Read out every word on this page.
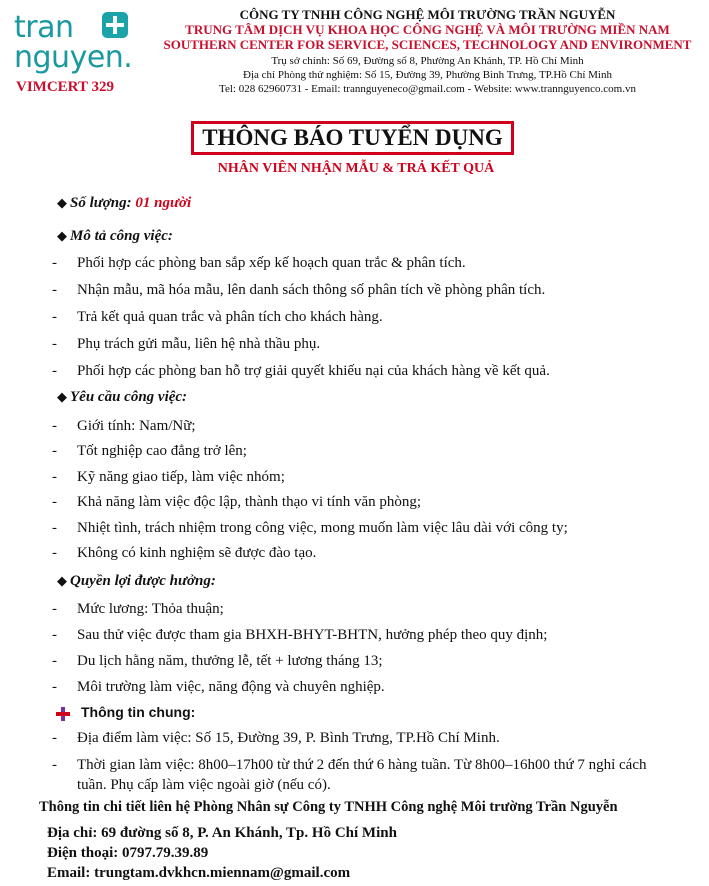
tran
nguyen.
VIMCERT 329
CÔNG TY TNHH CÔNG NGHỆ MÔI TRƯỜNG TRẦN NGUYỄN
TRUNG TÂM DỊCH VỤ KHOA HỌC CÔNG NGHỆ VÀ MÔI TRƯỜNG MIỀN NAM
SOUTHERN CENTER FOR SERVICE, SCIENCES, TECHNOLOGY AND ENVIRONMENT
Trụ sở chính: Số 69, Đường số 8, Phường An Khánh, TP. Hồ Chí Minh
Địa chỉ Phòng thử nghiệm: Số 15, Đường 39, Phường Bình Trưng, TP.Hồ Chí Minh
Tel: 028 62960731 - Email: trannguyeneco@gmail.com - Website: www.trannguyenco.com.vn
THÔNG BÁO TUYỂN DỤNG
NHÂN VIÊN NHẬN MẪU & TRẢ KẾT QUẢ
◆ Số lượng: 01 người
◆ Mô tả công việc:
- Phối hợp các phòng ban sắp xếp kế hoạch quan trắc & phân tích.
- Nhận mẫu, mã hóa mẫu, lên danh sách thông số phân tích về phòng phân tích.
- Trả kết quả quan trắc và phân tích cho khách hàng.
- Phụ trách gửi mẫu, liên hệ nhà thầu phụ.
- Phối hợp các phòng ban hỗ trợ giải quyết khiếu nại của khách hàng về kết quả.
◆ Yêu cầu công việc:
- Giới tính: Nam/Nữ;
- Tốt nghiệp cao đẳng trở lên;
- Kỹ năng giao tiếp, làm việc nhóm;
- Khả năng làm việc độc lập, thành thạo vi tính văn phòng;
- Nhiệt tình, trách nhiệm trong công việc, mong muốn làm việc lâu dài với công ty;
- Không có kinh nghiệm sẽ được đào tạo.
◆ Quyền lợi được hưởng:
- Mức lương: Thỏa thuận;
- Sau thử việc được tham gia BHXH-BHYT-BHTN, hưởng phép theo quy định;
- Du lịch hằng năm, thưởng lễ, tết + lương tháng 13;
- Môi trường làm việc, năng động và chuyên nghiệp.
Thông tin chung:
- Địa điểm làm việc: Số 15, Đường 39, P. Bình Trưng, TP.Hồ Chí Minh.
- Thời gian làm việc: 8h00–17h00 từ thứ 2 đến thứ 6 hàng tuần. Từ 8h00–16h00 thứ 7 nghỉ cách tuần. Phụ cấp làm việc ngoài giờ (nếu có).
Thông tin chi tiết liên hệ Phòng Nhân sự Công ty TNHH Công nghệ Môi trường Trần Nguyễn
Địa chỉ: 69 đường số 8, P. An Khánh, Tp. Hồ Chí Minh
Điện thoại: 0797.79.39.89
Email: trungtam.dvkhcn.miennam@gmail.com
